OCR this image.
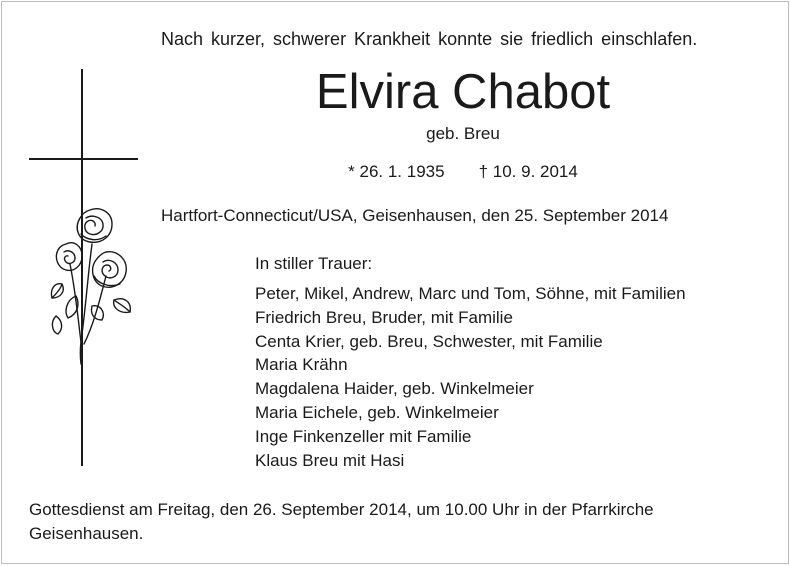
Nach kurzer, schwerer Krankheit konnte sie friedlich einschlafen.
Elvira Chabot
geb. Breu
* 26. 1. 1935 † 10. 9. 2014
Hartfort-Connecticut/USA, Geisenhausen, den 25. September 2014
In stiller Trauer:
Peter, Mikel, Andrew, Marc und Tom, Söhne, mit Familien
Friedrich Breu, Bruder, mit Familie
Centa Krier, geb. Breu, Schwester, mit Familie
Maria Krähn
Magdalena Haider, geb. Winkelmeier
Maria Eichele, geb. Winkelmeier
Inge Finkenzeller mit Familie
Klaus Breu mit Hasi
Gottesdienst am Freitag, den 26. September 2014, um 10.00 Uhr in der Pfarrkirche
Geisenhausen.
